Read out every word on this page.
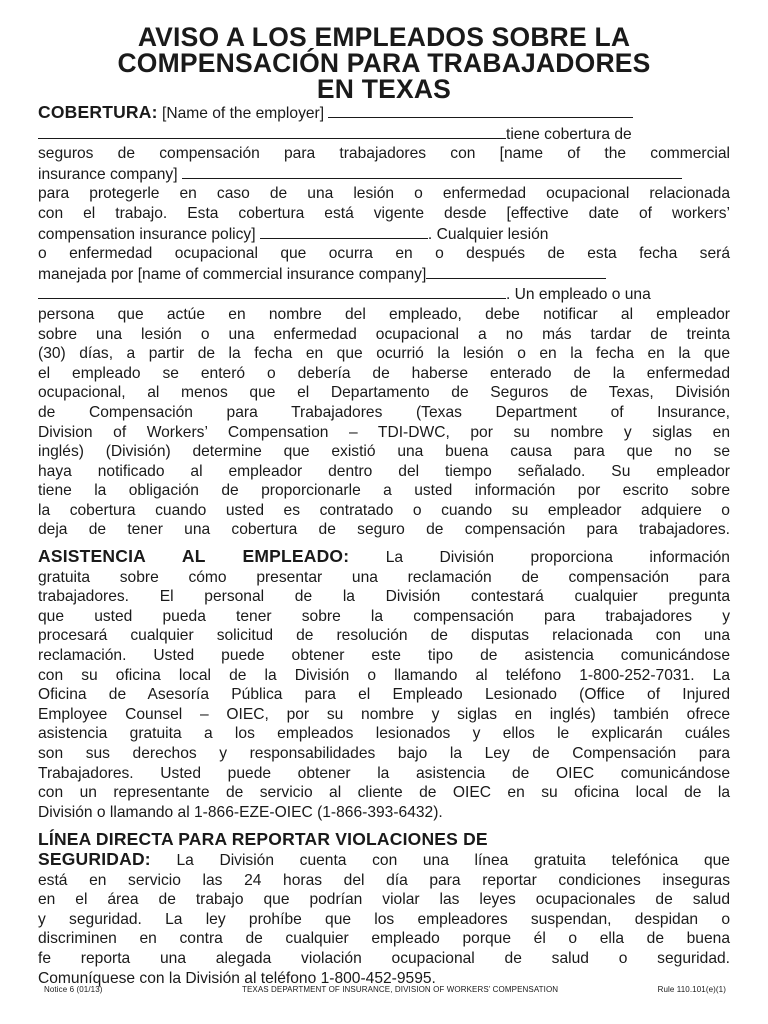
AVISO A LOS EMPLEADOS SOBRE LA
COMPENSACIÓN PARA TRABAJADORES
EN TEXAS
COBERTURA: [Name of the employer]
tiene cobertura de
seguros de compensación para trabajadores con [name of the commercial
insurance company]
para protegerle en caso de una lesión o enfermedad ocupacional relacionada
con el trabajo. Esta cobertura está vigente desde [effective date of workers’
compensation insurance policy]	. Cualquier lesión
o enfermedad ocupacional que ocurra en o después de esta fecha será
manejada por [name of commercial insurance company]
. Un empleado o una
persona que actúe en nombre del empleado, debe notificar al empleador
sobre una lesión o una enfermedad ocupacional a no más tardar de treinta
(30) días, a partir de la fecha en que ocurrió la lesión o en la fecha en la que
el empleado se enteró o debería de haberse enterado de la enfermedad
ocupacional, al menos que el Departamento de Seguros de Texas, División
de Compensación para Trabajadores (Texas Department of Insurance,
Division of Workers’ Compensation – TDI-DWC, por su nombre y siglas en
inglés) (División) determine que existió una buena causa para que no se
haya notificado al empleador dentro del tiempo señalado. Su empleador
tiene la obligación de proporcionarle a usted información por escrito sobre
la cobertura cuando usted es contratado o cuando su empleador adquiere o
deja de tener una cobertura de seguro de compensación para trabajadores.
ASISTENCIA AL EMPLEADO: La División proporciona información
gratuita sobre cómo presentar una reclamación de compensación para
trabajadores. El personal de la División contestará cualquier pregunta
que usted pueda tener sobre la compensación para trabajadores y
procesará cualquier solicitud de resolución de disputas relacionada con una
reclamación. Usted puede obtener este tipo de asistencia comunicándose
con su oficina local de la División o llamando al teléfono 1-800-252-7031. La
Oficina de Asesoría Pública para el Empleado Lesionado (Office of Injured
Employee Counsel – OIEC, por su nombre y siglas en inglés) también ofrece
asistencia gratuita a los empleados lesionados y ellos le explicarán cuáles
son sus derechos y responsabilidades bajo la Ley de Compensación para
Trabajadores. Usted puede obtener la asistencia de OIEC comunicándose
con un representante de servicio al cliente de OIEC en su oficina local de la
División o llamando al 1-866-EZE-OIEC (1-866-393-6432).
LÍNEA DIRECTA PARA REPORTAR VIOLACIONES DE
SEGURIDAD: La División cuenta con una línea gratuita telefónica que
está en servicio las 24 horas del día para reportar condiciones inseguras
en el área de trabajo que podrían violar las leyes ocupacionales de salud
y seguridad. La ley prohíbe que los empleadores suspendan, despidan o
discriminen en contra de cualquier empleado porque él o ella de buena
fe reporta una alegada violación ocupacional de salud o seguridad.
Comuníquese con la División al teléfono 1-800-452-9595.
Notice 6 (01/13)	TEXAS DEPARTMENT OF INSURANCE, DIVISION OF WORKERS’ COMPENSATION	Rule 110.101(e)(1)
